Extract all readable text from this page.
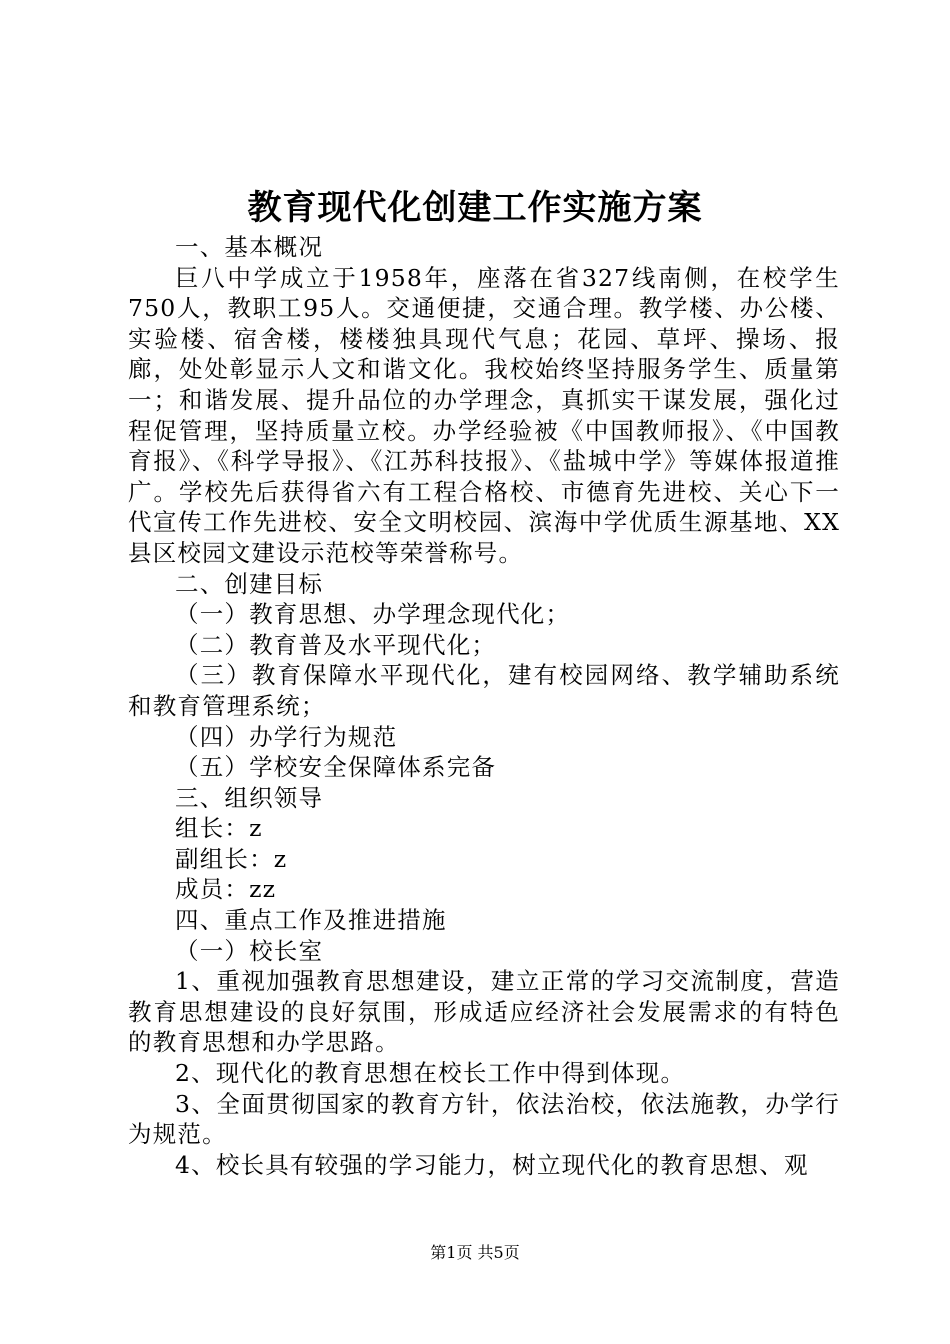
教育现代化创建工作实施方案

一、基本概况

巨八中学成立于1958年，座落在省327线南侧，在校学生750人，教职工95人。交通便捷，交通合理。教学楼、办公楼、实验楼、宿舍楼，楼楼独具现代气息；花园、草坪、操场、报廊，处处彰显示人文和谐文化。我校始终坚持服务学生、质量第一；和谐发展、提升品位的办学理念，真抓实干谋发展，强化过程促管理，坚持质量立校。办学经验被《中国教师报》、《中国教育报》、《科学导报》、《江苏科技报》、《盐城中学》等媒体报道推广。学校先后获得省六有工程合格校、市德育先进校、关心下一代宣传工作先进校、安全文明校园、滨海中学优质生源基地、XX县区校园文建设示范校等荣誉称号。

二、创建目标

（一）教育思想、办学理念现代化；

（二）教育普及水平现代化；

（三）教育保障水平现代化，建有校园网络、教学辅助系统和教育管理系统；

（四）办学行为规范

（五）学校安全保障体系完备

三、组织领导

组长：z

副组长：z

成员：zz

四、重点工作及推进措施

（一）校长室

1、重视加强教育思想建设，建立正常的学习交流制度，营造教育思想建设的良好氛围，形成适应经济社会发展需求的有特色的教育思想和办学思路。

2、现代化的教育思想在校长工作中得到体现。

3、全面贯彻国家的教育方针，依法治校，依法施教，办学行为规范。

4、校长具有较强的学习能力，树立现代化的教育思想、观

第1页 共5页
